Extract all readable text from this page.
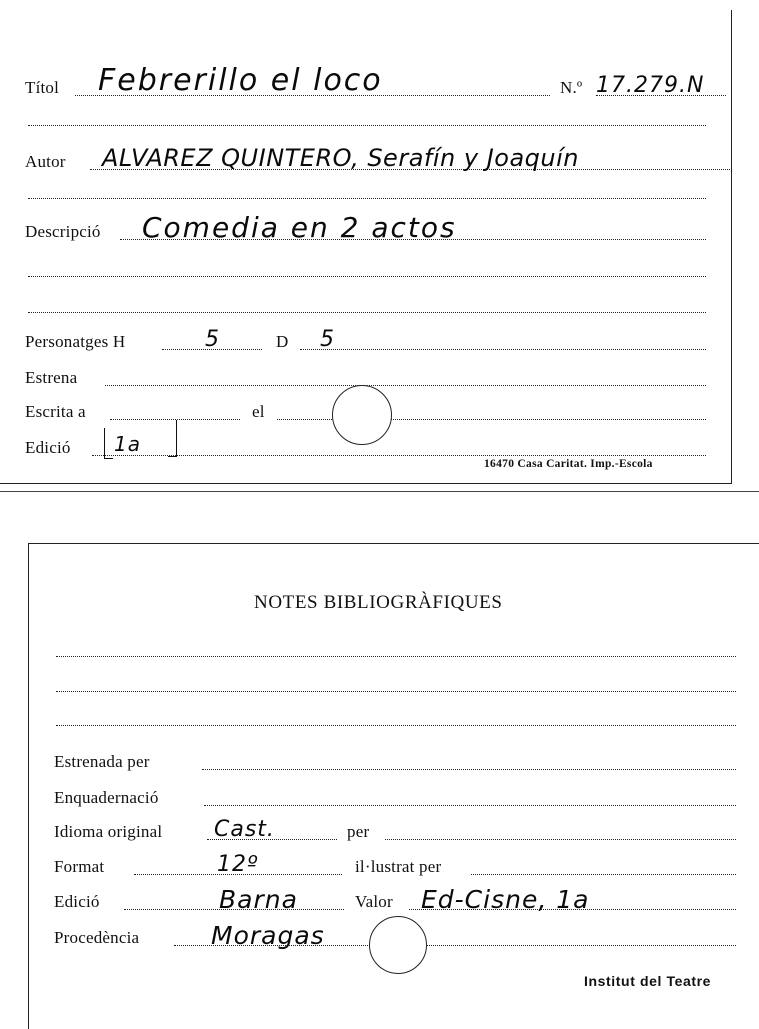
Títol Febrerillo el loco	N.º 17.279.N
Autor ALVAREZ QUINTERO, Serafín y Joaquín
Descripció Comedia en 2 actos
Personatges H	5	D 5
Estrena
Escrita a	el
Edició 1a
16470 Casa Caritat. Imp.-Escola
NOTES BIBLIOGRÀFIQUES
Estrenada per
Enquadernació
Idioma original Cast.	per
Format	12º	il·lustrat per
Edició	Barna	Valor Ed-Cisne, 1a
Procedència	Moragas
Institut del Teatre
